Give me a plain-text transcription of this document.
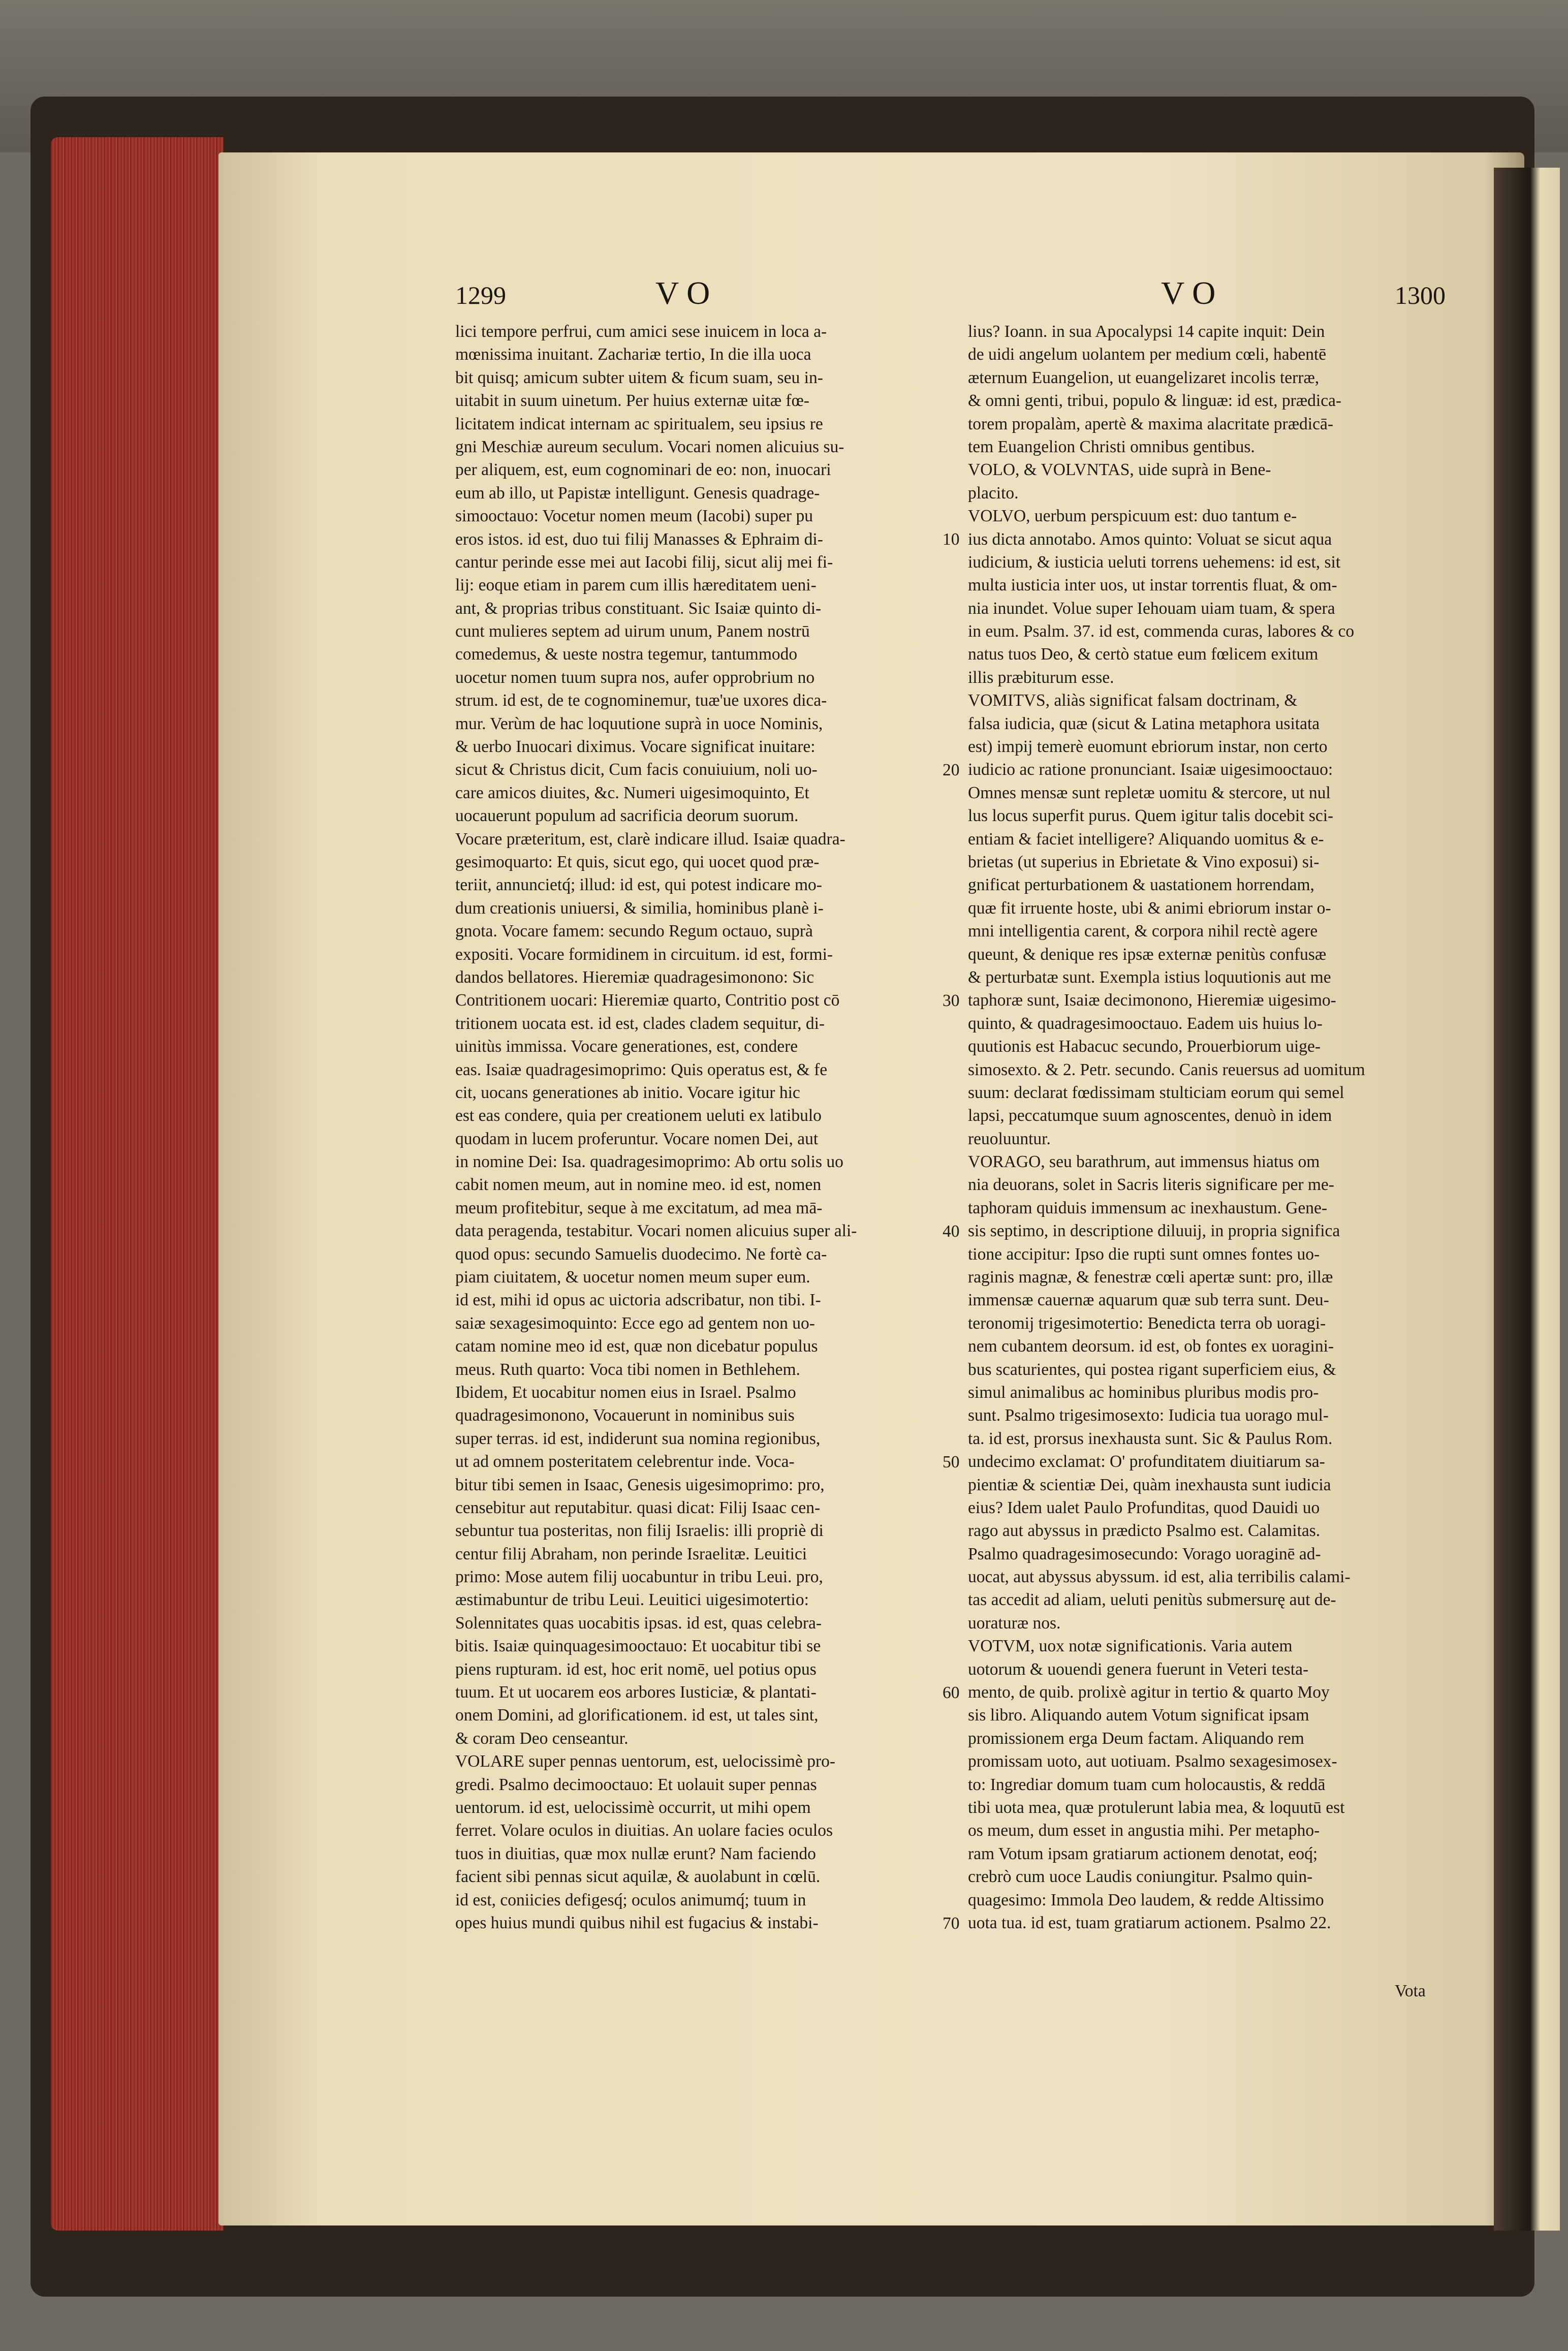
1299	V O	V O	1300
lici tempore perfrui, cum amici sese inuicem in loca a-
mœnissima inuitant. Zachariæ tertio, In die illa uoca
bit quisq; amicum subter uitem & ficum suam, seu in-
uitabit in suum uinetum. Per huius externæ uitæ fœ-
licitatem indicat internam ac spiritualem, seu ipsius re
gni Meschiæ aureum seculum. Vocari nomen alicuius su-
per aliquem, est, eum cognominari de eo: non, inuocari
eum ab illo, ut Papistæ intelligunt. Genesis quadrage-
simooctauo: Vocetur nomen meum (Iacobi) super pu
eros istos. id est, duo tui filij Manasses & Ephraim di-
cantur perinde esse mei aut Iacobi filij, sicut alij mei fi-
lij: eoque etiam in parem cum illis hæreditatem ueni-
ant, & proprias tribus constituant. Sic Isaiæ quinto di-
cunt mulieres septem ad uirum unum, Panem nostrū
comedemus, & ueste nostra tegemur, tantummodo
uocetur nomen tuum supra nos, aufer opprobrium no
strum. id est, de te cognominemur, tuæ'ue uxores dica-
mur. Verùm de hac loquutione suprà in uoce Nominis,
& uerbo Inuocari diximus. Vocare significat inuitare:
sicut & Christus dicit, Cum facis conuiuium, noli uo-
care amicos diuites, &c. Numeri uigesimoquinto, Et
uocauerunt populum ad sacrificia deorum suorum.
Vocare præteritum, est, clarè indicare illud. Isaiæ quadra-
gesimoquarto: Et quis, sicut ego, qui uocet quod præ-
teriit, annuncietq́; illud: id est, qui potest indicare mo-
dum creationis uniuersi, & similia, hominibus planè i-
gnota. Vocare famem: secundo Regum octauo, suprà
expositi. Vocare formidinem in circuitum. id est, formi-
dandos bellatores. Hieremiæ quadragesimonono: Sic
Contritionem uocari: Hieremiæ quarto, Contritio post cō
tritionem uocata est. id est, clades cladem sequitur, di-
uinitùs immissa. Vocare generationes, est, condere
eas. Isaiæ quadragesimoprimo: Quis operatus est, & fe
cit, uocans generationes ab initio. Vocare igitur hic
est eas condere, quia per creationem ueluti ex latibulo
quodam in lucem proferuntur. Vocare nomen Dei, aut
in nomine Dei: Isa. quadragesimoprimo: Ab ortu solis uo
cabit nomen meum, aut in nomine meo. id est, nomen
meum profitebitur, seque à me excitatum, ad mea mā-
data peragenda, testabitur. Vocari nomen alicuius super ali-
quod opus: secundo Samuelis duodecimo. Ne fortè ca-
piam ciuitatem, & uocetur nomen meum super eum.
id est, mihi id opus ac uictoria adscribatur, non tibi. I-
saiæ sexagesimoquinto: Ecce ego ad gentem non uo-
catam nomine meo id est, quæ non dicebatur populus
meus. Ruth quarto: Voca tibi nomen in Bethlehem.
Ibidem, Et uocabitur nomen eius in Israel. Psalmo
quadragesimonono, Vocauerunt in nominibus suis
super terras. id est, indiderunt sua nomina regionibus,
ut ad omnem posteritatem celebrentur inde. Voca-
bitur tibi semen in Isaac, Genesis uigesimoprimo: pro,
censebitur aut reputabitur. quasi dicat: Filij Isaac cen-
sebuntur tua posteritas, non filij Israelis: illi propriè di
centur filij Abraham, non perinde Israelitæ. Leuitici
primo: Mose autem filij uocabuntur in tribu Leui. pro,
æstimabuntur de tribu Leui. Leuitici uigesimotertio:
Solennitates quas uocabitis ipsas. id est, quas celebra-
bitis. Isaiæ quinquagesimooctauo: Et uocabitur tibi se
piens rupturam. id est, hoc erit nomē, uel potius opus
tuum. Et ut uocarem eos arbores Iusticiæ, & plantati-
onem Domini, ad glorificationem. id est, ut tales sint,
& coram Deo censeantur.
VOLARE super pennas uentorum, est, uelocissimè pro-
gredi. Psalmo decimooctauo: Et uolauit super pennas
uentorum. id est, uelocissimè occurrit, ut mihi opem
ferret. Volare oculos in diuitias. An uolare facies oculos
tuos in diuitias, quæ mox nullæ erunt? Nam faciendo
facient sibi pennas sicut aquilæ, & auolabunt in cœlū.
id est, coniicies defigesq́; oculos animumq́; tuum in
opes huius mundi quibus nihil est fugacius & instabi-
10
20
30
40
50
60
70
lius? Ioann. in sua Apocalypsi 14 capite inquit: Dein
de uidi angelum uolantem per medium cœli, habentē
æternum Euangelion, ut euangelizaret incolis terræ,
& omni genti, tribui, populo & linguæ: id est, prædica-
torem propalàm, apertè & maxima alacritate prædicā-
tem Euangelion Christi omnibus gentibus.
VOLO, & VOLVNTAS, uide suprà in Bene-
placito.
VOLVO, uerbum perspicuum est: duo tantum e-
ius dicta annotabo. Amos quinto: Voluat se sicut aqua
iudicium, & iusticia ueluti torrens uehemens: id est, sit
multa iusticia inter uos, ut instar torrentis fluat, & om-
nia inundet. Volue super Iehouam uiam tuam, & spera
in eum. Psalm. 37. id est, commenda curas, labores & co
natus tuos Deo, & certò statue eum fœlicem exitum
illis præbiturum esse.
VOMITVS, aliàs significat falsam doctrinam, &
falsa iudicia, quæ (sicut & Latina metaphora usitata
est) impij temerè euomunt ebriorum instar, non certo
iudicio ac ratione pronunciant. Isaiæ uigesimooctauo:
Omnes mensæ sunt repletæ uomitu & stercore, ut nul
lus locus superfit purus. Quem igitur talis docebit sci-
entiam & faciet intelligere? Aliquando uomitus & e-
brietas (ut superius in Ebrietate & Vino exposui) si-
gnificat perturbationem & uastationem horrendam,
quæ fit irruente hoste, ubi & animi ebriorum instar o-
mni intelligentia carent, & corpora nihil rectè agere
queunt, & denique res ipsæ externæ penitùs confusæ
& perturbatæ sunt. Exempla istius loquutionis aut me
taphoræ sunt, Isaiæ decimonono, Hieremiæ uigesimo-
quinto, & quadragesimooctauo. Eadem uis huius lo-
quutionis est Habacuc secundo, Prouerbiorum uige-
simosexto. & 2. Petr. secundo. Canis reuersus ad uomitum
suum: declarat fœdissimam stulticiam eorum qui semel
lapsi, peccatumque suum agnoscentes, denuò in idem
reuoluuntur.
VORAGO, seu barathrum, aut immensus hiatus om
nia deuorans, solet in Sacris literis significare per me-
taphoram quiduis immensum ac inexhaustum. Gene-
sis septimo, in descriptione diluuij, in propria significa
tione accipitur: Ipso die rupti sunt omnes fontes uo-
raginis magnæ, & fenestræ cœli apertæ sunt: pro, illæ
immensæ cauernæ aquarum quæ sub terra sunt. Deu-
teronomij trigesimotertio: Benedicta terra ob uoragi-
nem cubantem deorsum. id est, ob fontes ex uoragini-
bus scaturientes, qui postea rigant superficiem eius, &
simul animalibus ac hominibus pluribus modis pro-
sunt. Psalmo trigesimosexto: Iudicia tua uorago mul-
ta. id est, prorsus inexhausta sunt. Sic & Paulus Rom.
undecimo exclamat: O' profunditatem diuitiarum sa-
pientiæ & scientiæ Dei, quàm inexhausta sunt iudicia
eius? Idem ualet Paulo Profunditas, quod Dauidi uo
rago aut abyssus in prædicto Psalmo est. Calamitas.
Psalmo quadragesimosecundo: Vorago uoraginē ad-
uocat, aut abyssus abyssum. id est, alia terribilis calami-
tas accedit ad aliam, ueluti penitùs submersurę aut de-
uoraturæ nos.
VOTVM, uox notæ significationis. Varia autem
uotorum & uouendi genera fuerunt in Veteri testa-
mento, de quib. prolixè agitur in tertio & quarto Moy
sis libro. Aliquando autem Votum significat ipsam
promissionem erga Deum factam. Aliquando rem
promissam uoto, aut uotiuam. Psalmo sexagesimosex-
to: Ingrediar domum tuam cum holocaustis, & reddā
tibi uota mea, quæ protulerunt labia mea, & loquutū est
os meum, dum esset in angustia mihi. Per metapho-
ram Votum ipsam gratiarum actionem denotat, eoq́;
crebrò cum uoce Laudis coniungitur. Psalmo quin-
quagesimo: Immola Deo laudem, & redde Altissimo
uota tua. id est, tuam gratiarum actionem. Psalmo 22.
Vota
